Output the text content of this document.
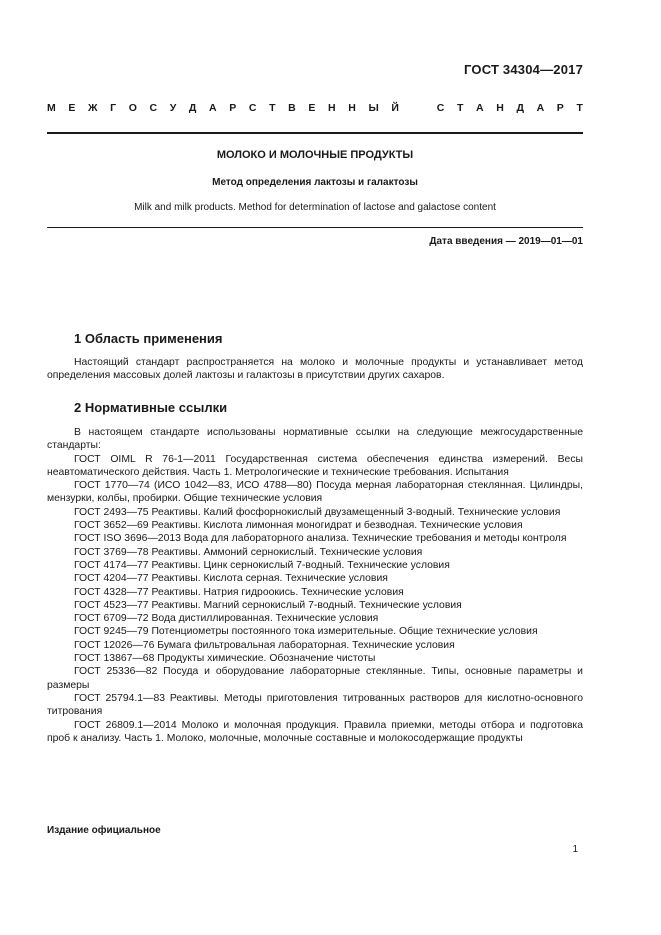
ГОСТ 34304—2017
М Е Ж Г О С У Д А Р С Т В Е Н Н Ы Й	С Т А Н Д А Р Т
МОЛОКО И МОЛОЧНЫЕ ПРОДУКТЫ
Метод определения лактозы и галактозы
Milk and milk products. Method for determination of lactose and galactose content
Дата введения — 2019—01—01
1 Область применения

Настоящий стандарт распространяется на молоко и молочные продукты и устанавливает метод определения массовых долей лактозы и галактозы в присутствии других сахаров.

2 Нормативные ссылки

В настоящем стандарте использованы нормативные ссылки на следующие межгосударственные стандарты:

ГОСТ OIML R 76-1—2011 Государственная система обеспечения единства измерений. Весы неавтоматического действия. Часть 1. Метрологические и технические требования. Испытания

ГОСТ 1770—74 (ИСО 1042—83, ИСО 4788—80) Посуда мерная лабораторная стеклянная. Цилиндры, мензурки, колбы, пробирки. Общие технические условия

ГОСТ 2493—75 Реактивы. Калий фосфорнокислый двузамещенный 3-водный. Технические условия

ГОСТ 3652—69 Реактивы. Кислота лимонная моногидрат и безводная. Технические условия

ГОСТ ISO 3696—2013 Вода для лабораторного анализа. Технические требования и методы контроля

ГОСТ 3769—78 Реактивы. Аммоний сернокислый. Технические условия

ГОСТ 4174—77 Реактивы. Цинк сернокислый 7-водный. Технические условия

ГОСТ 4204—77 Реактивы. Кислота серная. Технические условия

ГОСТ 4328—77 Реактивы. Натрия гидроокись. Технические условия

ГОСТ 4523—77 Реактивы. Магний сернокислый 7-водный. Технические условия

ГОСТ 6709—72 Вода дистиллированная. Технические условия

ГОСТ 9245—79 Потенциометры постоянного тока измерительные. Общие технические условия

ГОСТ 12026—76 Бумага фильтровальная лабораторная. Технические условия

ГОСТ 13867—68 Продукты химические. Обозначение чистоты

ГОСТ 25336—82 Посуда и оборудование лабораторные стеклянные. Типы, основные параметры и размеры

ГОСТ 25794.1—83 Реактивы. Методы приготовления титрованных растворов для кислотно-основного титрования

ГОСТ 26809.1—2014 Молоко и молочная продукция. Правила приемки, методы отбора и подготовка проб к анализу. Часть 1. Молоко, молочные, молочные составные и молокосодержащие продукты

Издание официальное
1
